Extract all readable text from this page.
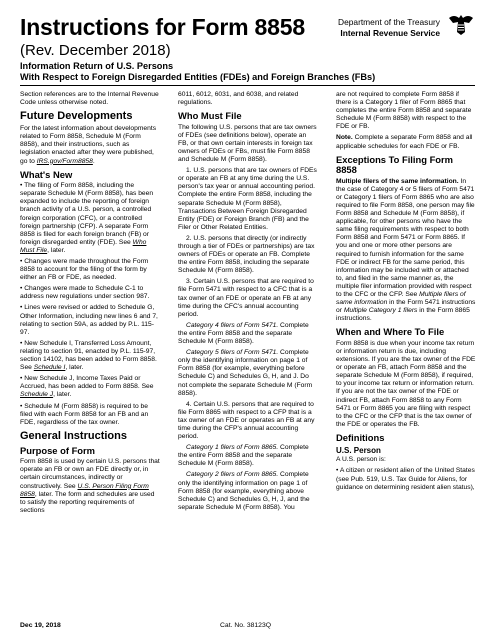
Instructions for Form 8858
(Rev. December 2018)
Department of the Treasury
Internal Revenue Service
Information Return of U.S. Persons
With Respect to Foreign Disregarded Entities (FDEs) and Foreign Branches (FBs)

Section references are to the Internal Revenue Code unless otherwise noted.

Future Developments

For the latest information about developments related to Form 8858, Schedule M (Form 8858), and their instructions, such as legislation enacted after they were published, go to IRS.gov/Form8858.

What's New

• The filing of Form 8858, including the separate Schedule M (Form 8858), has been expanded to include the reporting of foreign branch activity of a U.S. person, a controlled foreign corporation (CFC), or a controlled foreign partnership (CFP). A separate Form 8858 is filed for each foreign branch (FB) or foreign disregarded entity (FDE). See Who Must File, later.

• Changes were made throughout the Form 8858 to account for the filing of the form by either an FB or FDE, as needed.

• Changes were made to Schedule C-1 to address new regulations under section 987.

• Lines were revised or added to Schedule G, Other Information, including new lines 6 and 7, relating to section 59A, as added by P.L. 115-97.

• New Schedule I, Transferred Loss Amount, relating to section 91, enacted by P.L. 115-97, section 14102, has been added to Form 8858. See Schedule I, later.

• New Schedule J, Income Taxes Paid or Accrued, has been added to Form 8858. See Schedule J, later.

• Schedule M (Form 8858) is required to be filed with each Form 8858 for an FB and an FDE, regardless of the tax owner.

General Instructions
Purpose of Form

Form 8858 is used by certain U.S. persons that operate an FB or own an FDE directly or, in certain circumstances, indirectly or constructively. See U.S. Person Filing Form 8858, later. The form and schedules are used to satisfy the reporting requirements of sections

6011, 6012, 6031, and 6038, and related regulations.

Who Must File

The following U.S. persons that are tax owners of FDEs (see definitions below), operate an FB, or that own certain interests in foreign tax owners of FDEs or FBs, must file Form 8858 and Schedule M (Form 8858).

1. U.S. persons that are tax owners of FDEs or operate an FB at any time during the U.S. person's tax year or annual accounting period. Complete the entire Form 8858, including the separate Schedule M (Form 8858), Transactions Between Foreign Disregarded Entity (FDE) or Foreign Branch (FB) and the Filer or Other Related Entities.

2. U.S. persons that directly (or indirectly through a tier of FDEs or partnerships) are tax owners of FDEs or operate an FB. Complete the entire Form 8858, including the separate Schedule M (Form 8858).

3. Certain U.S. persons that are required to file Form 5471 with respect to a CFC that is a tax owner of an FDE or operate an FB at any time during the CFC's annual accounting period.

Category 4 filers of Form 5471. Complete the entire Form 8858 and the separate Schedule M (Form 8858).

Category 5 filers of Form 5471. Complete only the identifying information on page 1 of Form 8858 (for example, everything before Schedule C) and Schedules G, H, and J. Do not complete the separate Schedule M (Form 8858).

4. Certain U.S. persons that are required to file Form 8865 with respect to a CFP that is a tax owner of an FDE or operates an FB at any time during the CFP's annual accounting period.

Category 1 filers of Form 8865. Complete the entire Form 8858 and the separate Schedule M (Form 8858).

Category 2 filers of Form 8865. Complete only the identifying information on page 1 of Form 8858 (for example, everything above Schedule C) and Schedules G, H, J, and the separate Schedule M (Form 8858). You

are not required to complete Form 8858 if there is a Category 1 filer of Form 8865 that completes the entire Form 8858 and separate Schedule M (Form 8858) with respect to the FDE or FB.

Note. Complete a separate Form 8858 and all applicable schedules for each FDE or FB.

Exceptions To Filing Form 8858

Multiple filers of the same information. In the case of Category 4 or 5 filers of Form 5471 or Category 1 filers of Form 8865 who are also required to file Form 8858, one person may file Form 8858 and Schedule M (Form 8858), if applicable, for other persons who have the same filing requirements with respect to both Form 8858 and Form 5471 or Form 8865. If you and one or more other persons are required to furnish information for the same FDE or indirect FB for the same period, this information may be included with or attached to, and filed in the same manner as, the multiple filer information provided with respect to the CFC or the CFP. See Multiple filers of same information in the Form 5471 instructions or Multiple Category 1 filers in the Form 8865 instructions.

When and Where To File

Form 8858 is due when your income tax return or information return is due, including extensions. If you are the tax owner of the FDE or operate an FB, attach Form 8858 and the separate Schedule M (Form 8858), if required, to your income tax return or information return. If you are not the tax owner of the FDE or indirect FB, attach Form 8858 to any Form 5471 or Form 8865 you are filing with respect to the CFC or the CFP that is the tax owner of the FDE or operates the FB.

Definitions
U.S. Person

A U.S. person is:

• A citizen or resident alien of the United States (see Pub. 519, U.S. Tax Guide for Aliens, for guidance on determining resident alien status),

Dec 19, 2018	Cat. No. 38123Q
